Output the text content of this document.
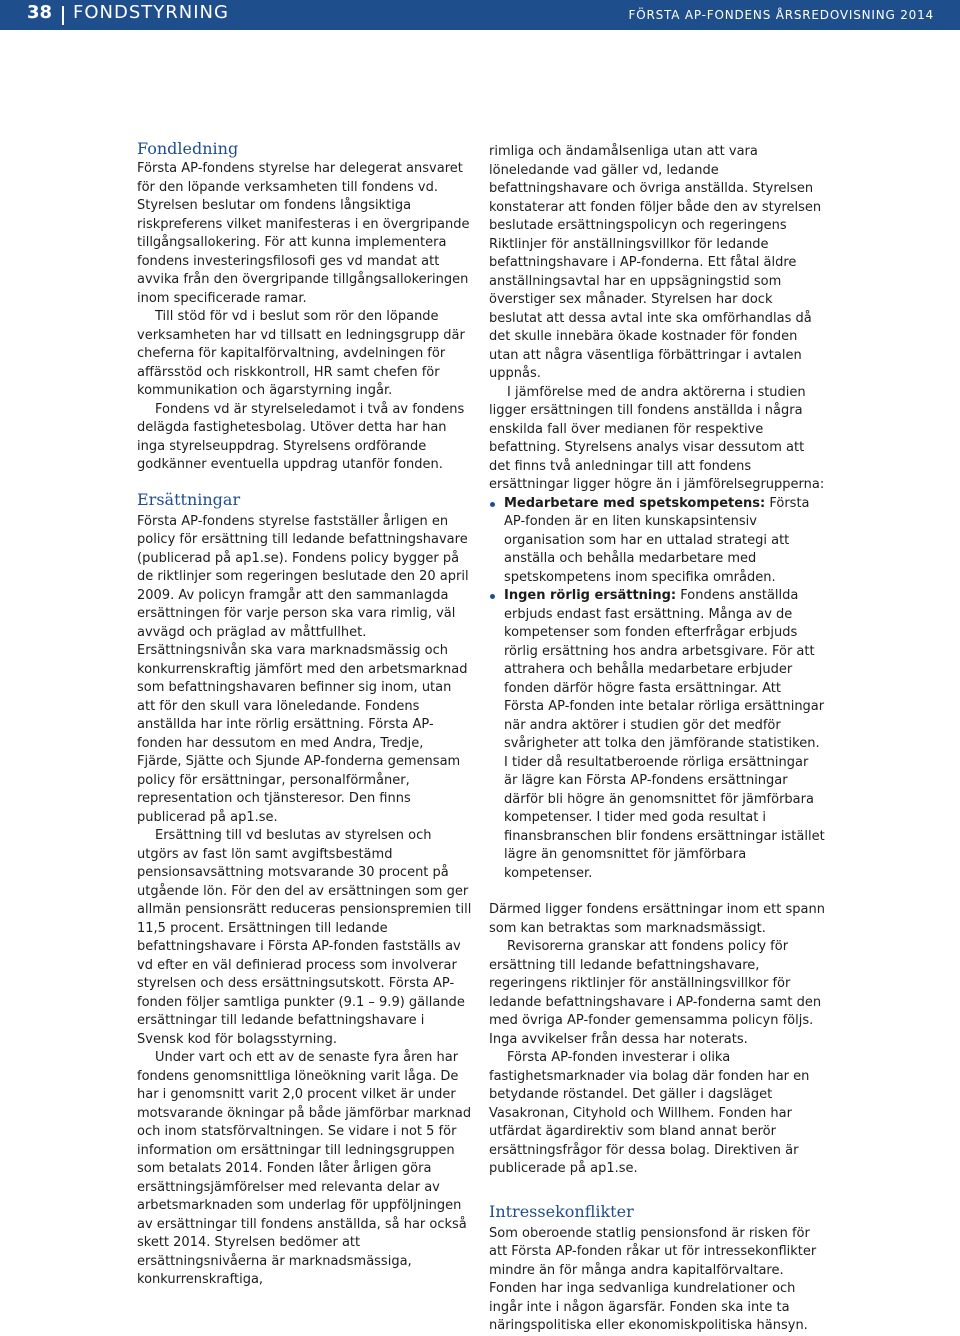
38 FONDSTYRNING	FÖRSTA AP-FONDENS ÅRSREDOVISNING 2014
Fondledning

Första AP-fondens styrelse har delegerat ansvaret för den löpande verksamheten till fondens vd. Styrelsen beslutar om fondens långsiktiga riskpreferens vilket manifesteras i en övergripande tillgångsallokering. För att kunna implementera fondens investeringsfilosofi ges vd mandat att avvika från den övergripande tillgångsallokeringen inom specificerade ramar.

Till stöd för vd i beslut som rör den löpande verksamheten har vd tillsatt en ledningsgrupp där cheferna för kapitalförvaltning, avdelningen för affärsstöd och riskkontroll, HR samt chefen för kommunikation och ägarstyrning ingår.

Fondens vd är styrelseledamot i två av fondens delägda fastighetesbolag. Utöver detta har han inga styrelseuppdrag. Styrelsens ordförande godkänner eventuella uppdrag utanför fonden.

Ersättningar

Första AP-fondens styrelse fastställer årligen en policy för ersättning till ledande befattningshavare (publicerad på ap1.se). Fondens policy bygger på de riktlinjer som regeringen beslutade den 20 april 2009. Av policyn framgår att den sammanlagda ersättningen för varje person ska vara rimlig, väl avvägd och präglad av måttfullhet. Ersättningsnivån ska vara marknadsmässig och konkurrenskraftig jämfört med den arbetsmarknad som befattningshavaren befinner sig inom, utan att för den skull vara löneledande. Fondens anställda har inte rörlig ersättning. Första AP-fonden har dessutom en med Andra, Tredje, Fjärde, Sjätte och Sjunde AP-fonderna gemensam policy för ersättningar, personalförmåner, representation och tjänsteresor. Den finns publicerad på ap1.se.

Ersättning till vd beslutas av styrelsen och utgörs av fast lön samt avgiftsbestämd pensionsavsättning motsvarande 30 procent på utgående lön. För den del av ersättningen som ger allmän pensionsrätt reduceras pensionspremien till 11,5 procent. Ersättningen till ledande befattningshavare i Första AP-fonden fastställs av vd efter en väl definierad process som involverar styrelsen och dess ersättningsutskott. Första AP-fonden följer samtliga punkter (9.1 – 9.9) gällande ersättningar till ledande befattningshavare i Svensk kod för bolagsstyrning.

Under vart och ett av de senaste fyra åren har fondens genomsnittliga löneökning varit låga. De har i genomsnitt varit 2,0 procent vilket är under motsvarande ökningar på både jämförbar marknad och inom statsförvaltningen. Se vidare i not 5 för information om ersättningar till ledningsgruppen som betalats 2014. Fonden låter årligen göra ersättningsjämförelser med relevanta delar av arbetsmarknaden som underlag för uppföljningen av ersättningar till fondens anställda, så har också skett 2014. Styrelsen bedömer att ersättningsnivåerna är marknadsmässiga, konkurrenskraftiga,

rimliga och ändamålsenliga utan att vara löneledande vad gäller vd, ledande befattningshavare och övriga anställda. Styrelsen konstaterar att fonden följer både den av styrelsen beslutade ersättningspolicyn och regeringens Riktlinjer för anställningsvillkor för ledande befattningshavare i AP-fonderna. Ett fåtal äldre anställningsavtal har en uppsägningstid som överstiger sex månader. Styrelsen har dock beslutat att dessa avtal inte ska omförhandlas då det skulle innebära ökade kostnader för fonden utan att några väsentliga förbättringar i avtalen uppnås.

I jämförelse med de andra aktörerna i studien ligger ersättningen till fondens anställda i några enskilda fall över medianen för respektive befattning. Styrelsens analys visar dessutom att det finns två anledningar till att fondens ersättningar ligger högre än i jämförelsegrupperna:

Medarbetare med spetskompetens: Första AP-fonden är en liten kunskapsintensiv organisation som har en uttalad strategi att anställa och behålla medarbetare med spetskompetens inom specifika områden.
Ingen rörlig ersättning: Fondens anställda erbjuds endast fast ersättning. Många av de kompetenser som fonden efterfrågar erbjuds rörlig ersättning hos andra arbetsgivare. För att attrahera och behålla medarbetare erbjuder fonden därför högre fasta ersättningar. Att Första AP-fonden inte betalar rörliga ersättningar när andra aktörer i studien gör det medför svårigheter att tolka den jämförande statistiken. I tider då resultatberoende rörliga ersättningar är lägre kan Första AP-fondens ersättningar därför bli högre än genomsnittet för jämförbara kompetenser. I tider med goda resultat i finansbranschen blir fondens ersättningar istället lägre än genomsnittet för jämförbara kompetenser.

Därmed ligger fondens ersättningar inom ett spann som kan betraktas som marknadsmässigt.

Revisorerna granskar att fondens policy för ersättning till ledande befattningshavare, regeringens riktlinjer för anställningsvillkor för ledande befattningshavare i AP-fonderna samt den med övriga AP-fonder gemensamma policyn följs. Inga avvikelser från dessa har noterats.

Första AP-fonden investerar i olika fastighetsmarknader via bolag där fonden har en betydande röstandel. Det gäller i dagsläget Vasakronan, Cityhold och Willhem. Fonden har utfärdat ägardirektiv som bland annat berör ersättningsfrågor för dessa bolag. Direktiven är publicerade på ap1.se.

Intressekonflikter

Som oberoende statlig pensionsfond är risken för att Första AP-fonden råkar ut för intressekonflikter mindre än för många andra kapitalförvaltare. Fonden har inga sedvanliga kundrelationer och ingår inte i någon ägarsfär. Fonden ska inte ta näringspolitiska eller ekonomiskpolitiska hänsyn.
